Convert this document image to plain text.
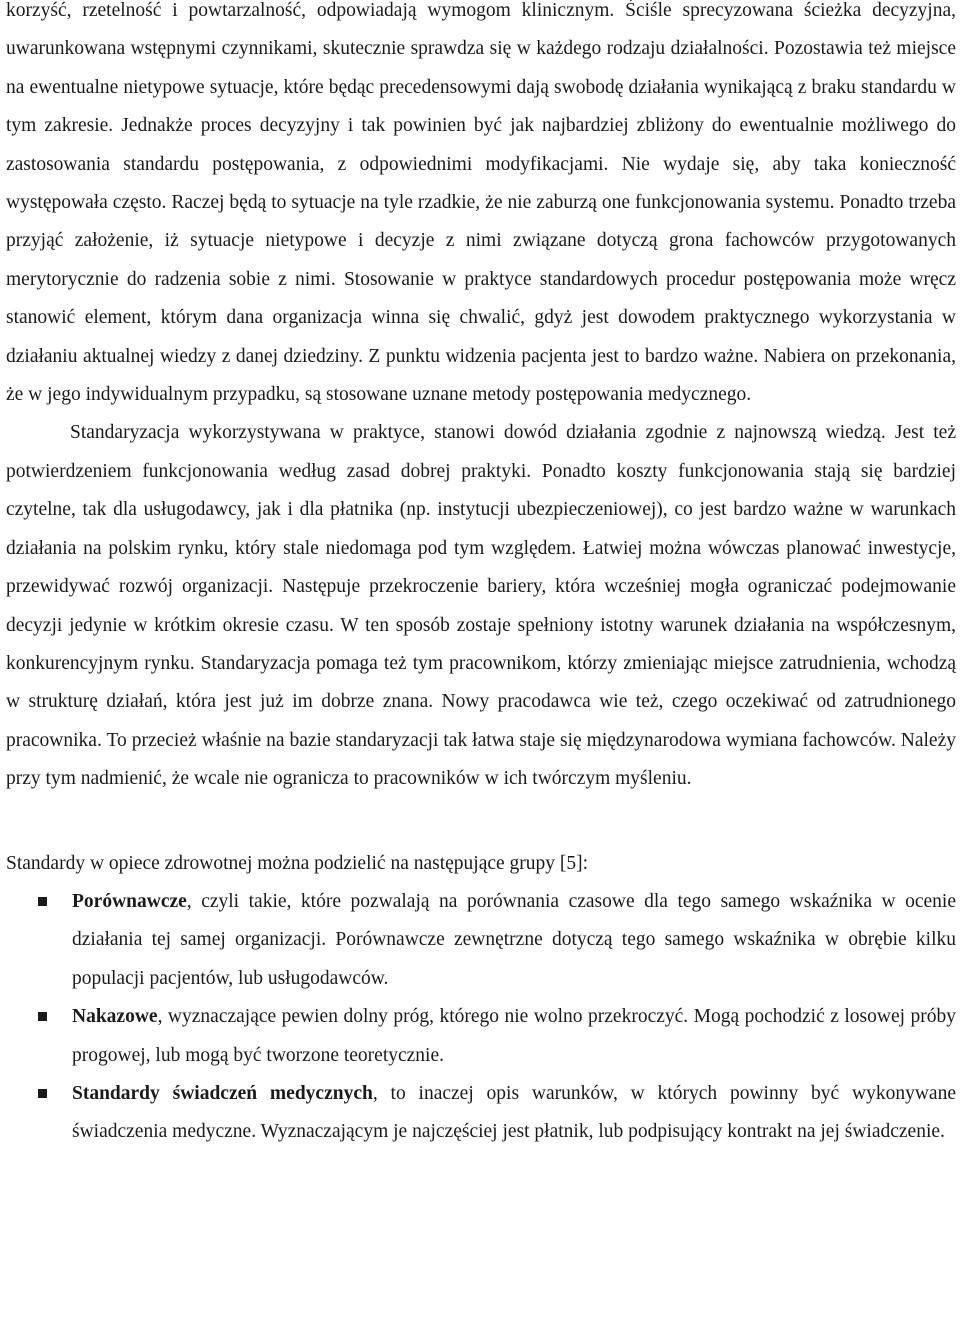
korzyść, rzetelność i powtarzalność, odpowiadają wymogom klinicznym. Ściśle sprecyzowana ścieżka decyzyjna, uwarunkowana wstępnymi czynnikami, skutecznie sprawdza się w każdego rodzaju działalności. Pozostawia też miejsce na ewentualne nietypowe sytuacje, które będąc precedensowymi dają swobodę działania wynikającą z braku standardu w tym zakresie. Jednakże proces decyzyjny i tak powinien być jak najbardziej zbliżony do ewentualnie możliwego do zastosowania standardu postępowania, z odpowiednimi modyfikacjami. Nie wydaje się, aby taka konieczność występowała często. Raczej będą to sytuacje na tyle rzadkie, że nie zaburzą one funkcjonowania systemu. Ponadto trzeba przyjąć założenie, iż sytuacje nietypowe i decyzje z nimi związane dotyczą grona fachowców przygotowanych merytorycznie do radzenia sobie z nimi. Stosowanie w praktyce standardowych procedur postępowania może wręcz stanowić element, którym dana organizacja winna się chwalić, gdyż jest dowodem praktycznego wykorzystania w działaniu aktualnej wiedzy z danej dziedziny. Z punktu widzenia pacjenta jest to bardzo ważne. Nabiera on przekonania, że w jego indywidualnym przypadku, są stosowane uznane metody postępowania medycznego.

Standaryzacja wykorzystywana w praktyce, stanowi dowód działania zgodnie z najnowszą wiedzą. Jest też potwierdzeniem funkcjonowania według zasad dobrej praktyki. Ponadto koszty funkcjonowania stają się bardziej czytelne, tak dla usługodawcy, jak i dla płatnika (np. instytucji ubezpieczeniowej), co jest bardzo ważne w warunkach działania na polskim rynku, który stale niedomaga pod tym względem. Łatwiej można wówczas planować inwestycje, przewidywać rozwój organizacji. Następuje przekroczenie bariery, która wcześniej mogła ograniczać podejmowanie decyzji jedynie w krótkim okresie czasu. W ten sposób zostaje spełniony istotny warunek działania na współczesnym, konkurencyjnym rynku. Standaryzacja pomaga też tym pracownikom, którzy zmieniając miejsce zatrudnienia, wchodzą w strukturę działań, która jest już im dobrze znana. Nowy pracodawca wie też, czego oczekiwać od zatrudnionego pracownika. To przecież właśnie na bazie standaryzacji tak łatwa staje się międzynarodowa wymiana fachowców. Należy przy tym nadmienić, że wcale nie ogranicza to pracowników w ich twórczym myśleniu.

Standardy w opiece zdrowotnej można podzielić na następujące grupy [5]:

Porównawcze, czyli takie, które pozwalają na porównania czasowe dla tego samego wskaźnika w ocenie działania tej samej organizacji. Porównawcze zewnętrzne dotyczą tego samego wskaźnika w obrębie kilku populacji pacjentów, lub usługodawców.
Nakazowe, wyznaczające pewien dolny próg, którego nie wolno przekroczyć. Mogą pochodzić z losowej próby progowej, lub mogą być tworzone teoretycznie.
Standardy świadczeń medycznych, to inaczej opis warunków, w których powinny być wykonywane świadczenia medyczne. Wyznaczającym je najczęściej jest płatnik, lub podpisujący kontrakt na jej świadczenie.
